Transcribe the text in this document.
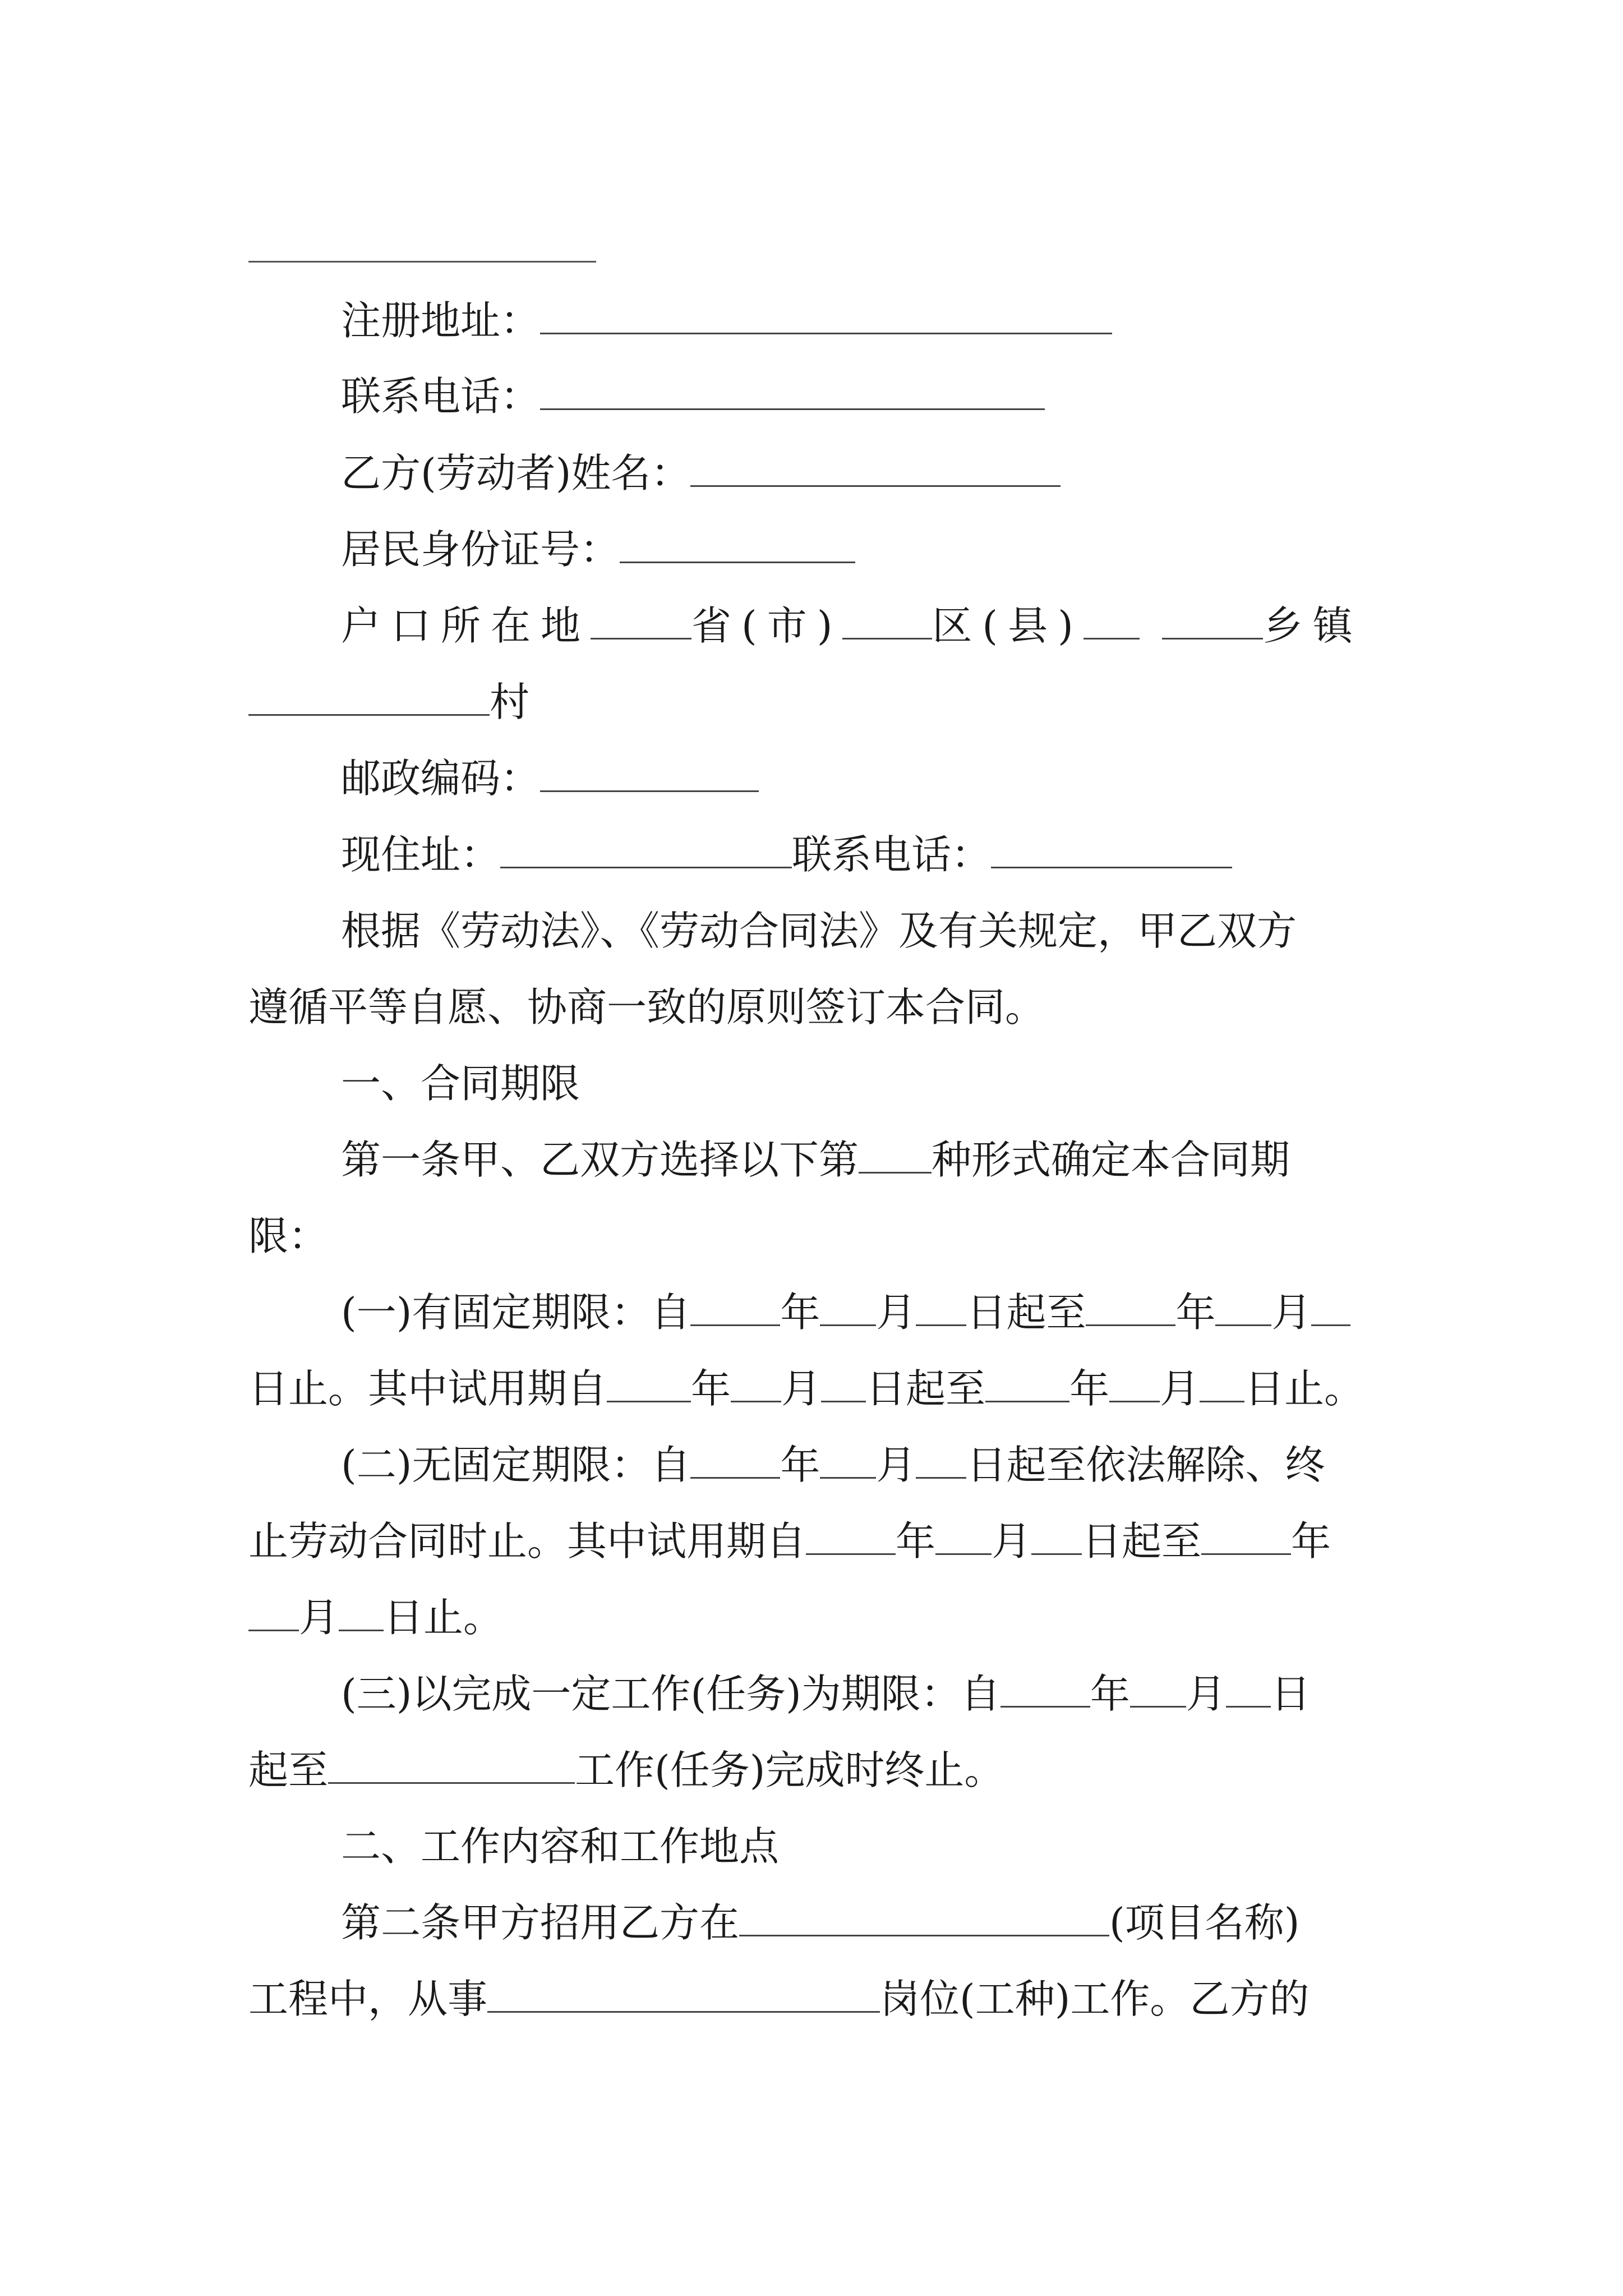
注册地址：
联系电话：
乙方(劳动者)姓名：
居民身份证号：
户口所在地	省(市) 区(县)	乡镇
村
邮政编码：
现住址：	联系电话：
根据《劳动法》、《劳动合同法》及有关规定，甲乙双方
遵循平等自愿、协商一致的原则签订本合同。
一、合同期限
第一条甲、乙双方选择以下第 种形式确定本合同期
限：
(一)有固定期限：自 年 月 日起至 年 月
日止。其中试用期自 年 月 日起至 年 月 日止。
(二)无固定期限：自 年 月 日起至依法解除、终
止劳动合同时止。其中试用期自 年 月 日起至 年
月 日止。
(三)以完成一定工作(任务)为期限：自 年 月 日
起至	工作(任务)完成时终止。
二、工作内容和工作地点
第二条甲方招用乙方在	(项目名称)
工程中，从事	岗位(工种)工作。乙方的
